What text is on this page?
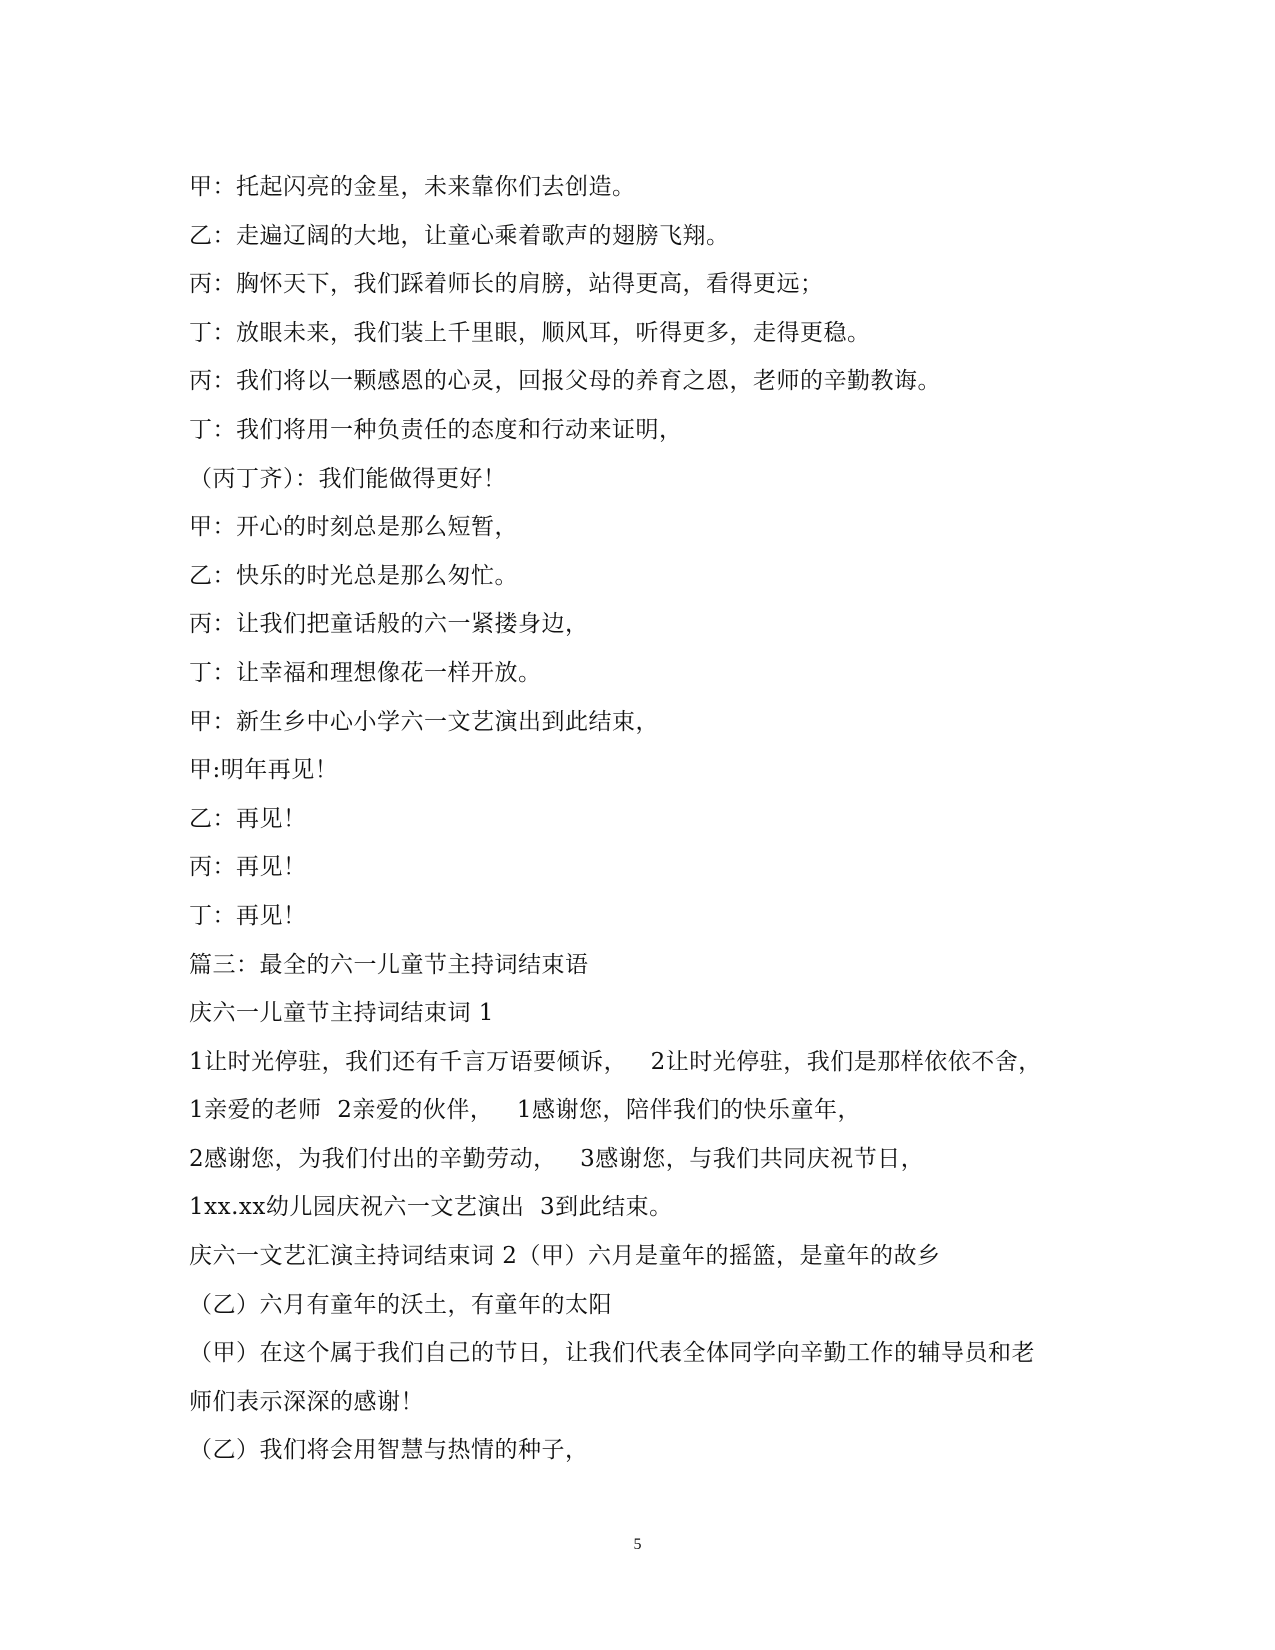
甲：托起闪亮的金星，未来靠你们去创造。
乙：走遍辽阔的大地，让童心乘着歌声的翅膀飞翔。
丙：胸怀天下，我们踩着师长的肩膀，站得更高，看得更远；
丁：放眼未来，我们装上千里眼，顺风耳，听得更多，走得更稳。
丙：我们将以一颗感恩的心灵，回报父母的养育之恩，老师的辛勤教诲。
丁：我们将用一种负责任的态度和行动来证明，
（丙丁齐）：我们能做得更好！
甲：开心的时刻总是那么短暂，
乙：快乐的时光总是那么匆忙。
丙：让我们把童话般的六一紧搂身边，
丁：让幸福和理想像花一样开放。
甲：新生乡中心小学六一文艺演出到此结束，
甲:明年再见！
乙：再见！
丙：再见！
丁：再见！
篇三：最全的六一儿童节主持词结束语
庆六一儿童节主持词结束词 1
1让时光停驻，我们还有千言万语要倾诉，   2让时光停驻，我们是那样依依不舍，
1亲爱的老师  2亲爱的伙伴，   1感谢您，陪伴我们的快乐童年，
2感谢您，为我们付出的辛勤劳动，   3感谢您，与我们共同庆祝节日，
1xx.xx幼儿园庆祝六一文艺演出  3到此结束。
庆六一文艺汇演主持词结束词 2（甲）六月是童年的摇篮，是童年的故乡
（乙）六月有童年的沃土，有童年的太阳
（甲）在这个属于我们自己的节日，让我们代表全体同学向辛勤工作的辅导员和老
师们表示深深的感谢！
（乙）我们将会用智慧与热情的种子，
5
